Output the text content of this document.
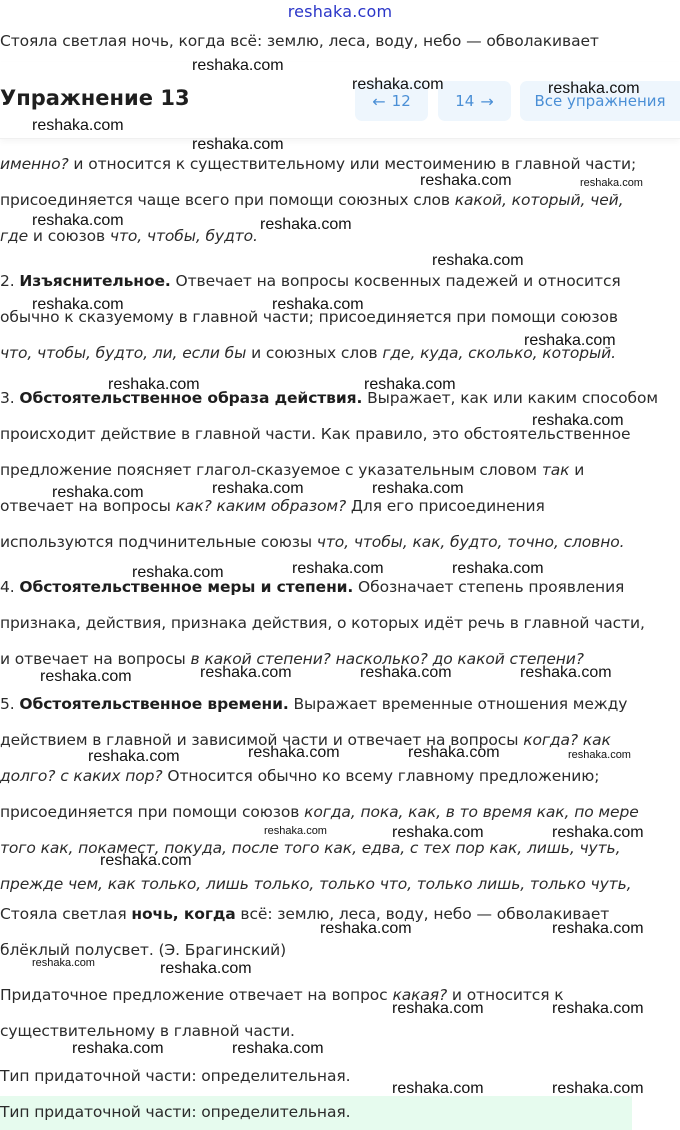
reshaka.com
Стояла светлая ночь, когда всё: землю, леса, воду, небо — обволакивает
Упражнение 13	← 12	14 →	Все упражнения
именно? и относится к существительному или местоимению в главной части;
присоединяется чаще всего при помощи союзных слов какой, который, чей,
где и союзов что, чтобы, будто.
2. Изъяснительное. Отвечает на вопросы косвенных падежей и относится
обычно к сказуемому в главной части; присоединяется при помощи союзов
что, чтобы, будто, ли, если бы и союзных слов где, куда, сколько, который.
3. Обстоятельственное образа действия. Выражает, как или каким способом
происходит действие в главной части. Как правило, это обстоятельственное
предложение поясняет глагол-сказуемое с указательным словом так и
отвечает на вопросы как? каким образом? Для его присоединения
используются подчинительные союзы что, чтобы, как, будто, точно, словно.
4. Обстоятельственное меры и степени. Обозначает степень проявления
признака, действия, признака действия, о которых идёт речь в главной части,
и отвечает на вопросы в какой степени? насколько? до какой степени?
5. Обстоятельственное времени. Выражает временные отношения между
действием в главной и зависимой части и отвечает на вопросы когда? как
долго? с каких пор? Относится обычно ко всему главному предложению;
присоединяется при помощи союзов когда, пока, как, в то время как, по мере
того как, покамест, покуда, после того как, едва, с тех пор как, лишь, чуть,
прежде чем, как только, лишь только, только что, только лишь, только чуть,
Стояла светлая ночь, когда всё: землю, леса, воду, небо — обволакивает
блёклый полусвет. (Э. Брагинский)
Придаточное предложение отвечает на вопрос какая? и относится к
существительному в главной части.
Тип придаточной части: определительная.
Тип придаточной части: определительная.
reshaka.com
reshaka.com	reshaka.com
reshaka.com
reshaka.com
reshaka.com	reshaka.com
reshaka.com	reshaka.com
reshaka.com
reshaka.com	reshaka.com
reshaka.com
reshaka.com	reshaka.com
reshaka.com
reshaka.com	reshaka.com	reshaka.com
reshaka.com	reshaka.com	reshaka.com
reshaka.com	reshaka.com	reshaka.com	reshaka.com
reshaka.com	reshaka.com	reshaka.com	reshaka.com
reshaka.com	reshaka.com	reshaka.com
reshaka.com
reshaka.com	reshaka.com
reshaka.com	reshaka.com
reshaka.com	reshaka.com
reshaka.com	reshaka.com
reshaka.com	reshaka.com
